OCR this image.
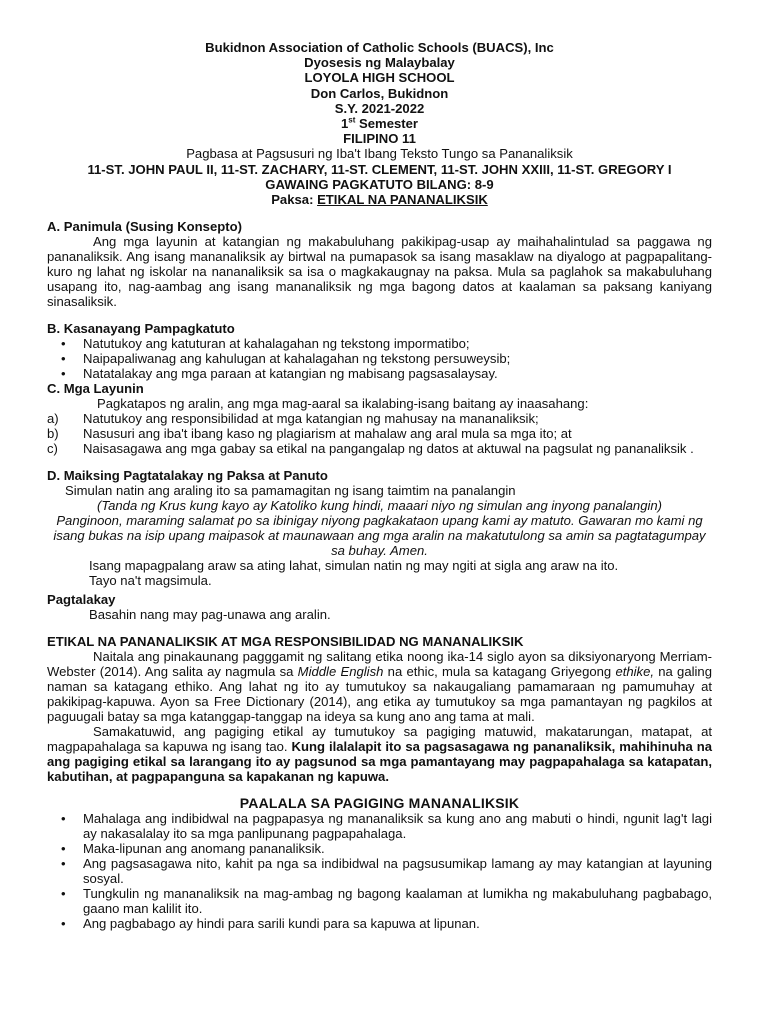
Bukidnon Association of Catholic Schools (BUACS), Inc
Dyosesis ng Malaybalay
LOYOLA HIGH SCHOOL
Don Carlos, Bukidnon
S.Y. 2021-2022
1st Semester
FILIPINO 11
Pagbasa at Pagsusuri ng Iba't Ibang Teksto Tungo sa Pananaliksik
11-ST. JOHN PAUL II, 11-ST. ZACHARY, 11-ST. CLEMENT, 11-ST. JOHN XXIII, 11-ST. GREGORY I
GAWAING PAGKATUTO BILANG: 8-9
Paksa: ETIKAL NA PANANALIKSIK
A. Panimula (Susing Konsepto)

Ang mga layunin at katangian ng makabuluhang pakikipag-usap ay maihahalintulad sa paggawa ng pananaliksik. Ang isang mananaliksik ay birtwal na pumapasok sa isang masaklaw na diyalogo at pagpapalitang-kuro ng lahat ng iskolar na nananaliksik sa isa o magkakaugnay na paksa. Mula sa paglahok sa makabuluhang usapang ito, nag-aambag ang isang mananaliksik ng mga bagong datos at kaalaman sa paksang kaniyang sinasaliksik.

B. Kasanayang Pampagkatuto
• Natutukoy ang katuturan at kahalagahan ng tekstong impormatibo;
• Naipapaliwanag ang kahulugan at kahalagahan ng tekstong persuweysib;
• Natatalakay ang mga paraan at katangian ng mabisang pagsasalaysay.
C. Mga Layunin

Pagkatapos ng aralin, ang mga mag-aaral sa ikalabing-isang baitang ay inaasahang:

a)	Natutukoy ang responsibilidad at mga katangian ng mahusay na mananaliksik;
b)	Nasusuri ang iba't ibang kaso ng plagiarism at mahalaw ang aral mula sa mga ito; at
c)	Naisasagawa ang mga gabay sa etikal na pangangalap ng datos at aktuwal na pagsulat ng pananaliksik .
D. Maiksing Pagtatalakay ng Paksa at Panuto

Simulan natin ang araling ito sa pamamagitan ng isang taimtim na panalangin

(Tanda ng Krus kung kayo ay Katoliko kung hindi, maaari niyo ng simulan ang inyong panalangin)

Panginoon, maraming salamat po sa ibinigay niyong pagkakataon upang kami ay matuto. Gawaran mo kami ng isang bukas na isip upang maipasok at maunawaan ang mga aralin na makatutulong sa amin sa pagtatagumpay sa buhay. Amen.

Isang mapagpalang araw sa ating lahat, simulan natin ng may ngiti at sigla ang araw na ito.

Tayo na't magsimula.

Pagtalakay

Basahin nang may pag-unawa ang aralin.

ETIKAL NA PANANALIKSIK AT MGA RESPONSIBILIDAD NG MANANALIKSIK

Naitala ang pinakaunang pagggamit ng salitang etika noong ika-14 siglo ayon sa diksiyonaryong Merriam-Webster (2014). Ang salita ay nagmula sa Middle English na ethic, mula sa katagang Griyegong ethike, na galing naman sa katagang ethiko. Ang lahat ng ito ay tumutukoy sa nakaugaliang pamamaraan ng pamumuhay at pakikipag-kapuwa. Ayon sa Free Dictionary (2014), ang etika ay tumutukoy sa mga pamantayan ng pagkilos at paguugali batay sa mga katanggap-tanggap na ideya sa kung ano ang tama at mali.

Samakatuwid, ang pagiging etikal ay tumutukoy sa pagiging matuwid, makatarungan, matapat, at magpapahalaga sa kapuwa ng isang tao. Kung ilalalapit ito sa pagsasagawa ng pananaliksik, mahihinuha na ang pagiging etikal sa larangang ito ay pagsunod sa mga pamantayang may pagpapahalaga sa katapatan, kabutihan, at pagpapanguna sa kapakanan ng kapuwa.

PAALALA SA PAGIGING MANANALIKSIK
• Mahalaga ang indibidwal na pagpapasya ng mananaliksik sa kung ano ang mabuti o hindi, ngunit lag't lagi ay nakasalalay ito sa mga panlipunang pagpapahalaga.
• Maka-lipunan ang anomang pananaliksik.
• Ang pagsasagawa nito, kahit pa nga sa indibidwal na pagsusumikap lamang ay may katangian at layuning sosyal.
• Tungkulin ng mananaliksik na mag-ambag ng bagong kaalaman at lumikha ng makabuluhang pagbabago, gaano man kalilit ito.
• Ang pagbabago ay hindi para sarili kundi para sa kapuwa at lipunan.
